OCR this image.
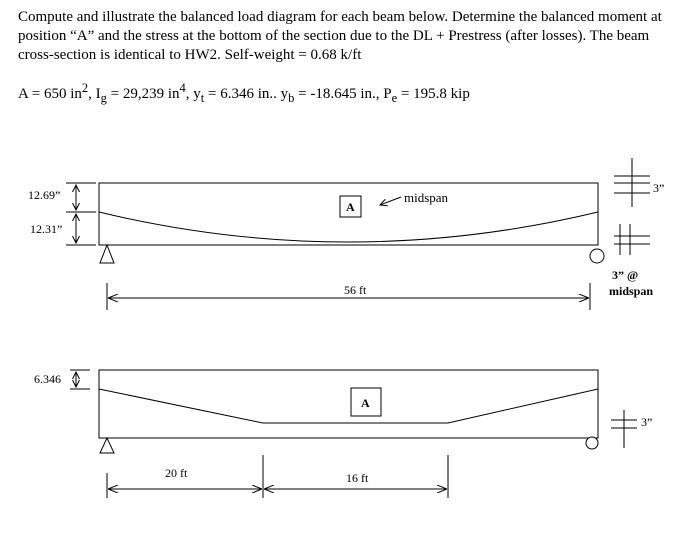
Compute and illustrate the balanced load diagram for each beam below. Determine the balanced moment at position “A” and the stress at the bottom of the section due to the DL + Prestress (after losses). The beam cross-section is identical to HW2. Self-weight = 0.68 k/ft

A = 650 $in^2$, $I_g = 29,239$ $in^4$, $y_t = 6.346$ in.. $y_b = -18.645$ in., $P_e = 195.8$ kip
12.69”
12.31”
A
midspan
56 ft
3”
3” @
midspan
6.346
A
20 ft	16 ft
3”
